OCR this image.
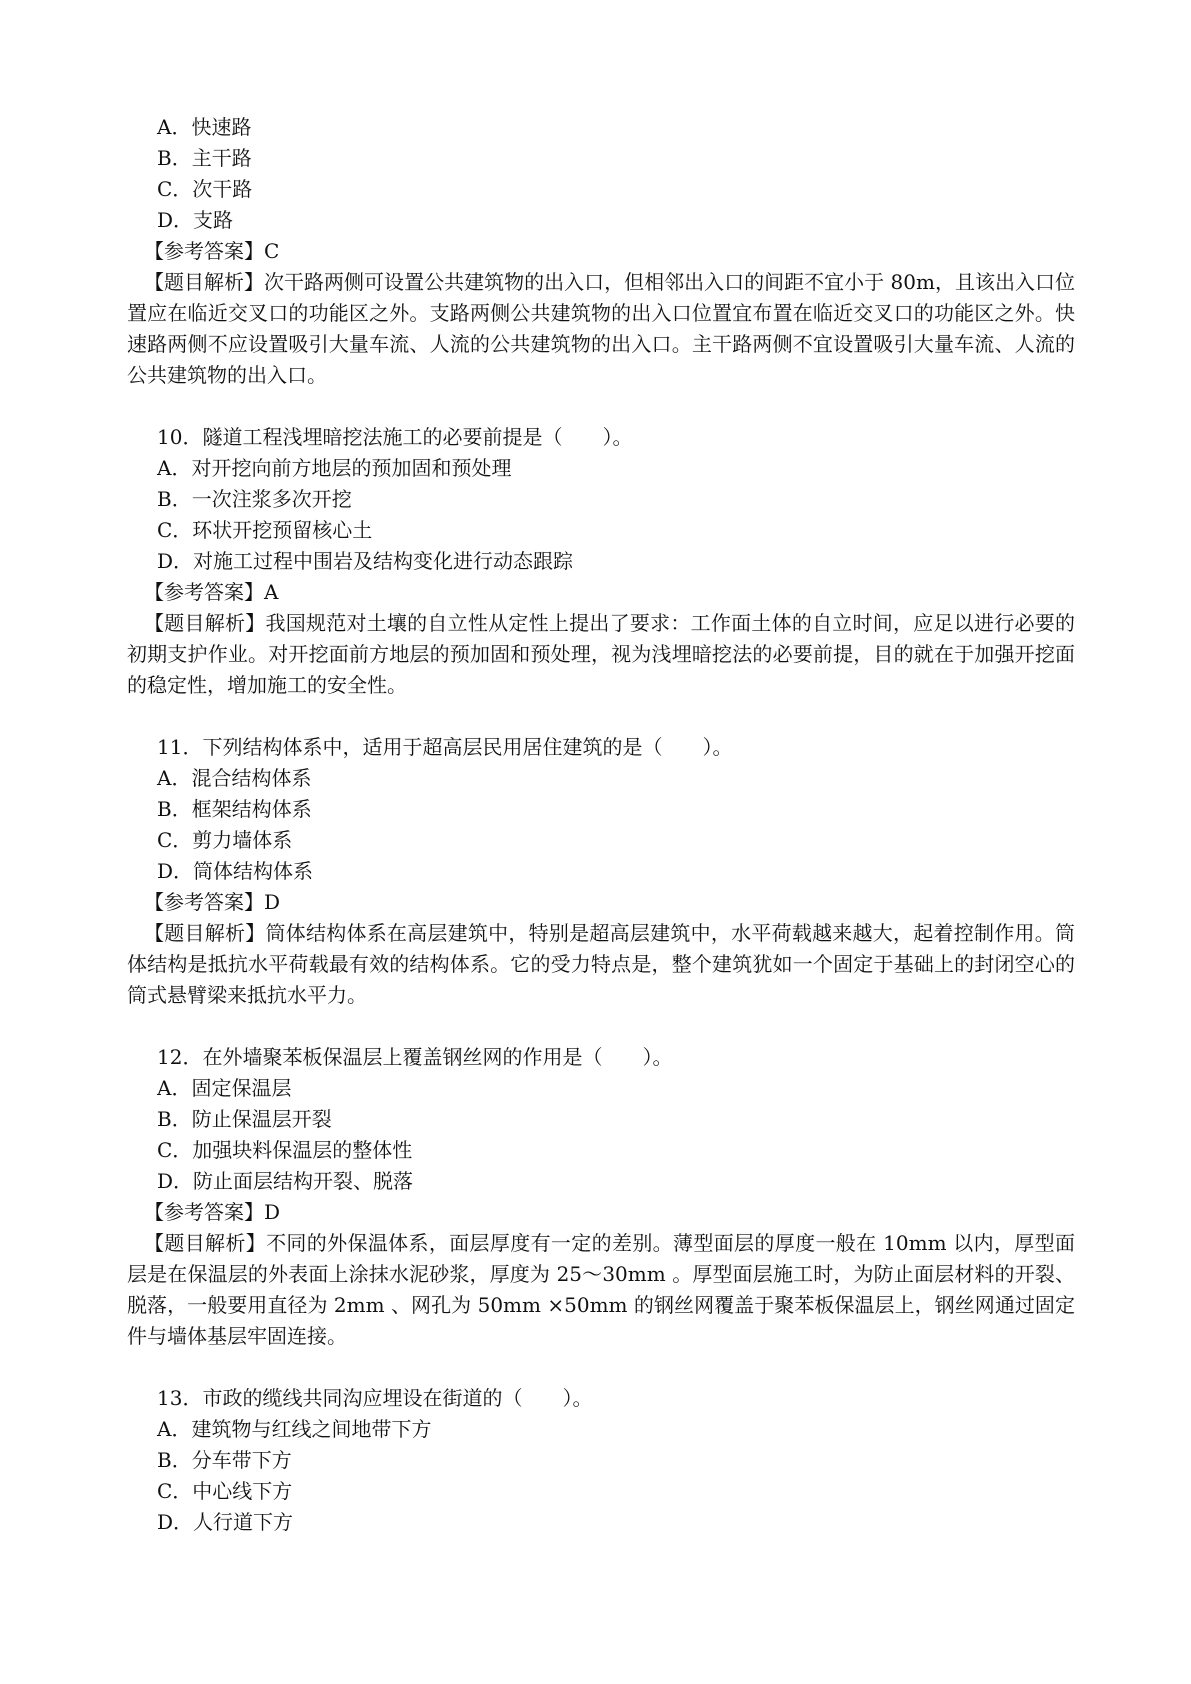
A．快速路
B．主干路
C．次干路
D．支路
【参考答案】C
【题目解析】次干路两侧可设置公共建筑物的出入口，但相邻出入口的间距不宜小于 80m，且该出入口位置应在临近交叉口的功能区之外。支路两侧公共建筑物的出入口位置宜布置在临近交叉口的功能区之外。快速路两侧不应设置吸引大量车流、人流的公共建筑物的出入口。主干路两侧不宜设置吸引大量车流、人流的公共建筑物的出入口。
10．隧道工程浅埋暗挖法施工的必要前提是（　　）。
A．对开挖向前方地层的预加固和预处理
B．一次注浆多次开挖
C．环状开挖预留核心土
D．对施工过程中围岩及结构变化进行动态跟踪
【参考答案】A
【题目解析】我国规范对土壤的自立性从定性上提出了要求：工作面土体的自立时间，应足以进行必要的初期支护作业。对开挖面前方地层的预加固和预处理，视为浅埋暗挖法的必要前提，目的就在于加强开挖面的稳定性，增加施工的安全性。
11．下列结构体系中，适用于超高层民用居住建筑的是（　　）。
A．混合结构体系
B．框架结构体系
C．剪力墙体系
D．筒体结构体系
【参考答案】D
【题目解析】筒体结构体系在高层建筑中，特别是超高层建筑中，水平荷载越来越大，起着控制作用。筒体结构是抵抗水平荷载最有效的结构体系。它的受力特点是，整个建筑犹如一个固定于基础上的封闭空心的筒式悬臂梁来抵抗水平力。
12．在外墙聚苯板保温层上覆盖钢丝网的作用是（　　）。
A．固定保温层
B．防止保温层开裂
C．加强块料保温层的整体性
D．防止面层结构开裂、脱落
【参考答案】D
【题目解析】不同的外保温体系，面层厚度有一定的差别。薄型面层的厚度一般在 10mm 以内，厚型面层是在保温层的外表面上涂抹水泥砂浆，厚度为 25～30mm 。厚型面层施工时，为防止面层材料的开裂、脱落，一般要用直径为 2mm 、网孔为 50mm ×50mm 的钢丝网覆盖于聚苯板保温层上，钢丝网通过固定件与墙体基层牢固连接。
13．市政的缆线共同沟应埋设在街道的（　　）。
A．建筑物与红线之间地带下方
B．分车带下方
C．中心线下方
D．人行道下方
